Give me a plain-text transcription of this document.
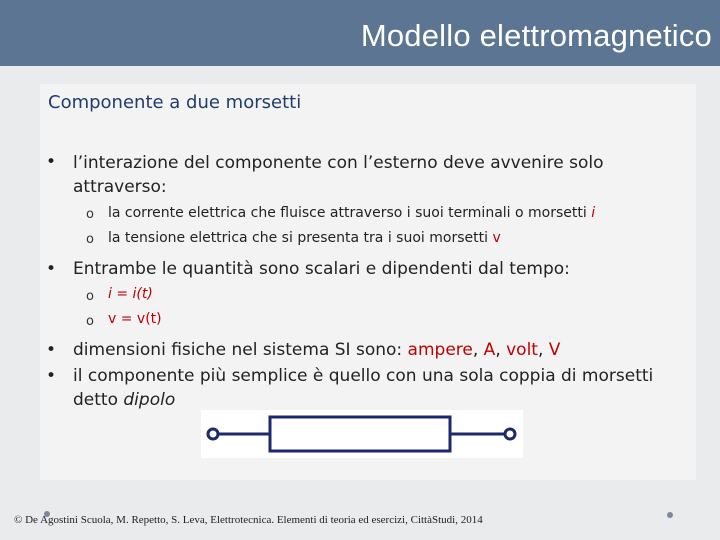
Modello elettromagnetico
Componente a due morsetti
• l’interazione del componente con l’esterno deve avvenire solo
attraverso:
o la corrente elettrica che fluisce attraverso i suoi terminali o morsetti i
o la tensione elettrica che si presenta tra i suoi morsetti v
• Entrambe le quantità sono scalari e dipendenti dal tempo:
o i = i(t)
o v = v(t)
• dimensioni fisiche nel sistema SI sono: ampere, A, volt, V
• il componente più semplice è quello con una sola coppia di morsetti
detto dipolo
© De Agostini Scuola, M. Repetto, S. Leva, Elettrotecnica. Elementi di teoria ed esercizi, CittàStudi, 2014
